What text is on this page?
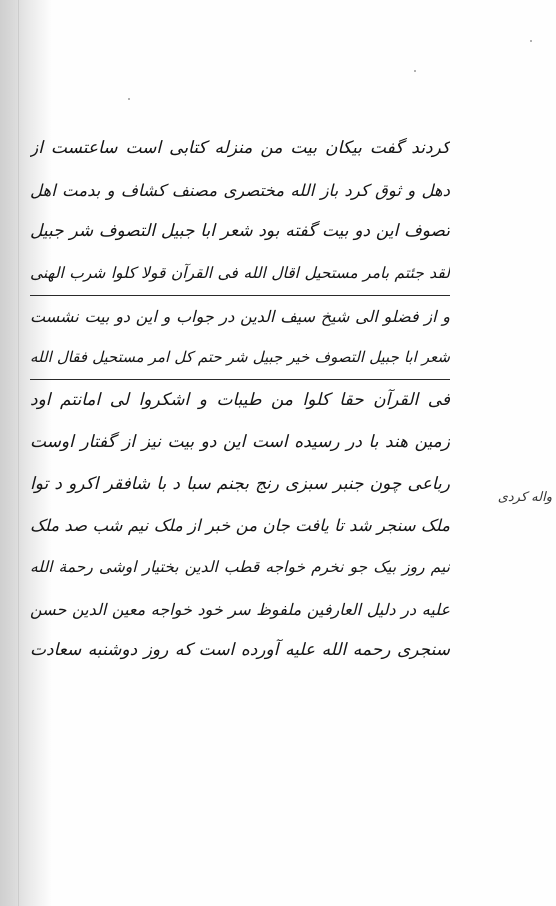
کردند گفت بیکان بیت من منزله کتابی است ساعتست از
دهل و ثوق کرد باز الله مختصری مصنف کشاف و بدمت اهل
تصوف این دو بیت گفته بود شعر ابا جبیل التصوف شر جبیل
لقد جئتم بامر مستحیل اقال الله فی القرآن قولا کلوا شرب الهنی
و از فضلو الی شیخ سیف الدین در جواب و این دو بیت نشست
شعر ابا جبیل التصوف خیر جبیل شر حتم کل امر مستحیل فقال الله
فی القرآن حقا کلوا من طیبات و اشکروا لی امانتم اود
زمین هند با در رسیده است این دو بیت نیز از گفتار اوست
رباعی چون جنبر سبزی رنج بجنم سبا د با شافقر اکرو د توا
ملک سنجر شد تا یافت جان من خبر از ملک نیم شب صد ملک
نیم روز بیک جو نخرم خواجه قطب الدین بختیار اوشی رحمة الله
علیه در دلیل العارفین ملفوظ سر خود خواجه معین الدین حسن
سنجری رحمه الله علیه آورده است که روز دوشنبه سعادت
واله کردی
